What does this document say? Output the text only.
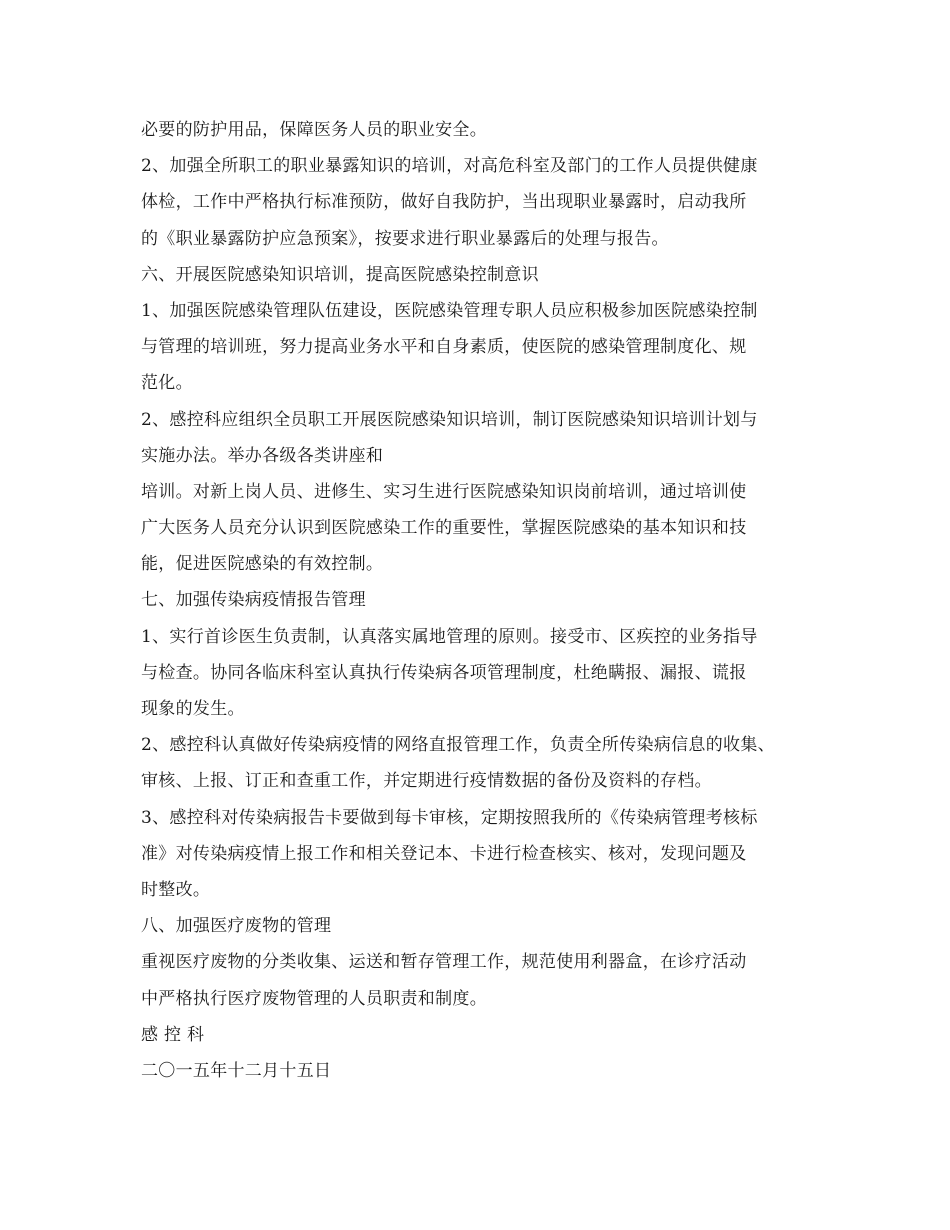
必要的防护用品，保障医务人员的职业安全。
2、加强全所职工的职业暴露知识的培训，对高危科室及部门的工作人员提供健康
体检，工作中严格执行标准预防，做好自我防护，当出现职业暴露时，启动我所
的《职业暴露防护应急预案》，按要求进行职业暴露后的处理与报告。
六、开展医院感染知识培训，提高医院感染控制意识
1、加强医院感染管理队伍建设，医院感染管理专职人员应积极参加医院感染控制
与管理的培训班，努力提高业务水平和自身素质，使医院的感染管理制度化、规
范化。
2、感控科应组织全员职工开展医院感染知识培训，制订医院感染知识培训计划与
实施办法。举办各级各类讲座和
培训。对新上岗人员、进修生、实习生进行医院感染知识岗前培训，通过培训使
广大医务人员充分认识到医院感染工作的重要性，掌握医院感染的基本知识和技
能，促进医院感染的有效控制。
七、加强传染病疫情报告管理
1、实行首诊医生负责制，认真落实属地管理的原则。接受市、区疾控的业务指导
与检查。协同各临床科室认真执行传染病各项管理制度，杜绝瞒报、漏报、谎报
现象的发生。
2、感控科认真做好传染病疫情的网络直报管理工作，负责全所传染病信息的收集、
审核、上报、订正和查重工作，并定期进行疫情数据的备份及资料的存档。
3、感控科对传染病报告卡要做到每卡审核，定期按照我所的《传染病管理考核标
准》对传染病疫情上报工作和相关登记本、卡进行检查核实、核对，发现问题及
时整改。
八、加强医疗废物的管理
重视医疗废物的分类收集、运送和暂存管理工作，规范使用利器盒，在诊疗活动
中严格执行医疗废物管理的人员职责和制度。
感 控 科
二〇一五年十二月十五日
